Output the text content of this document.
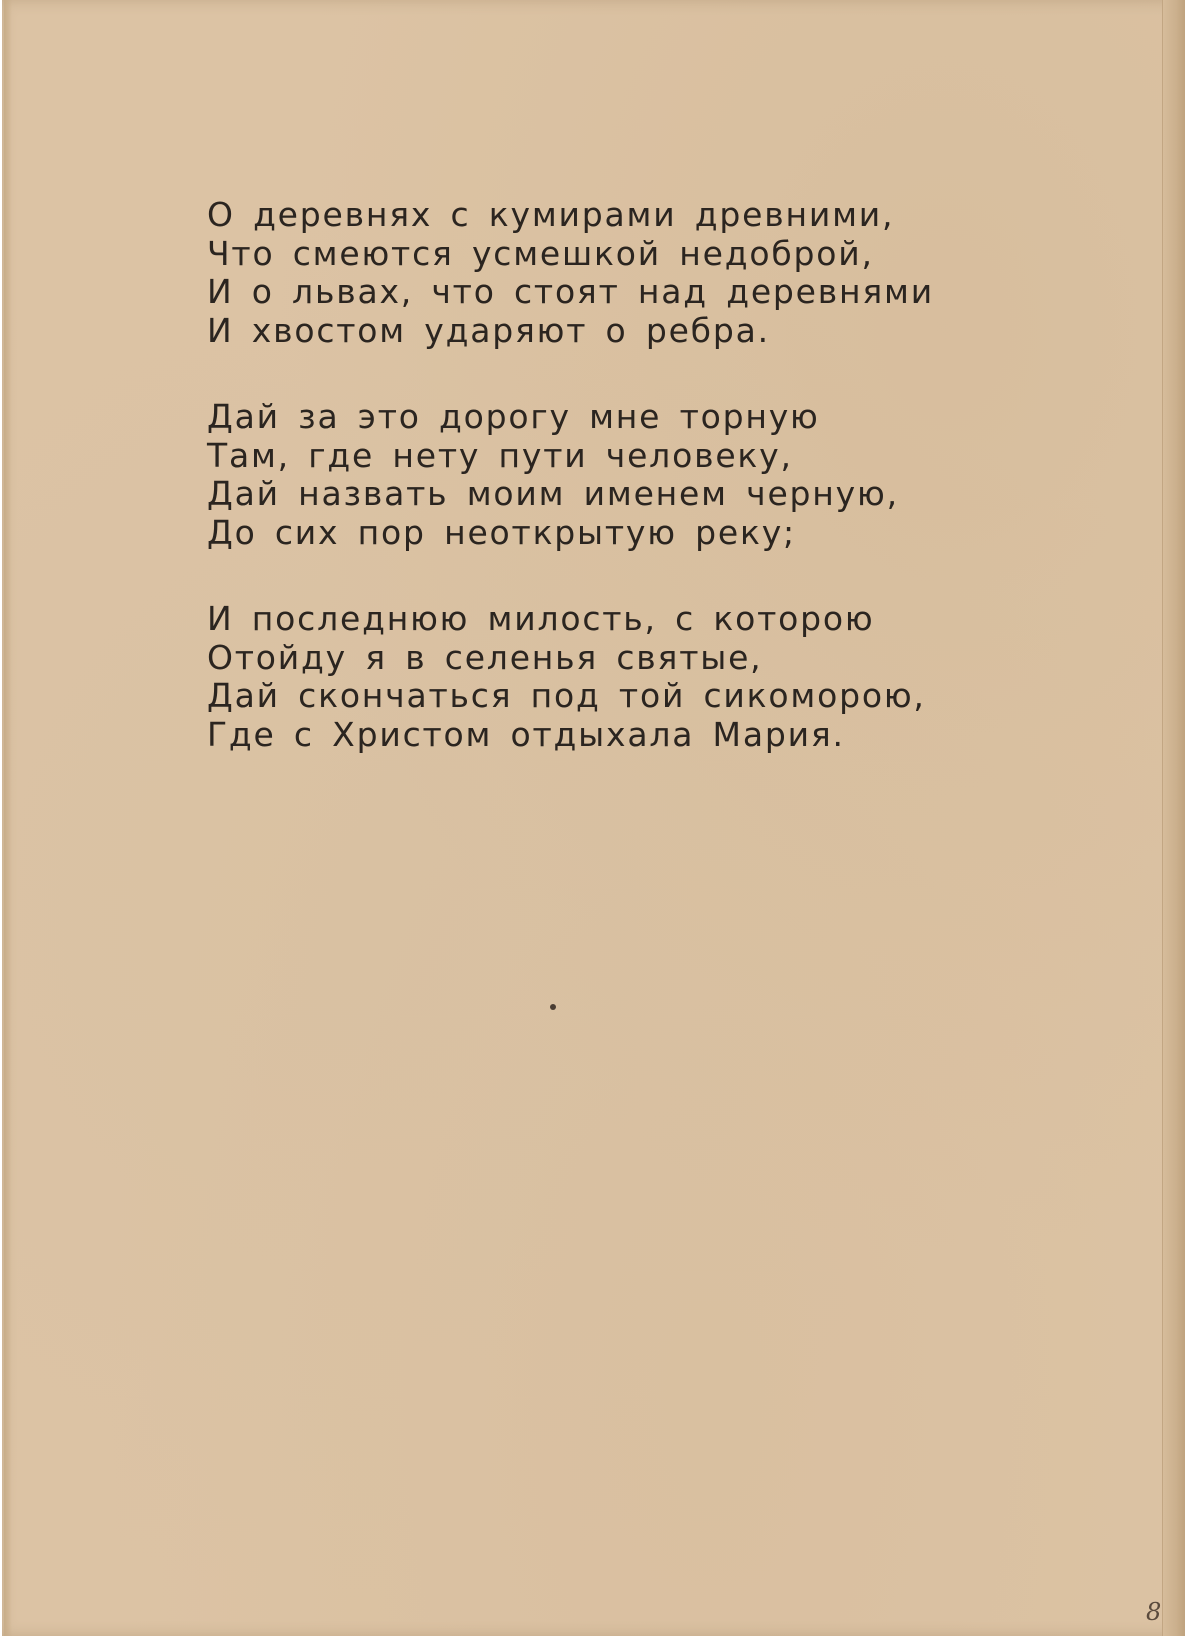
О деревнях с кумирами древними,
Что смеются усмешкой недоброй,
И о львах, что стоят над деревнями
И хвостом ударяют о ребра.
Дай за это дорогу мне торную
Там, где нету пути человеку,
Дай назвать моим именем черную,
До сих пор неоткрытую реку;
И последнюю милость, с которою
Отойду я в селенья святые,
Дай скончаться под той сикоморою,
Где с Христом отдыхала Мария.
8
